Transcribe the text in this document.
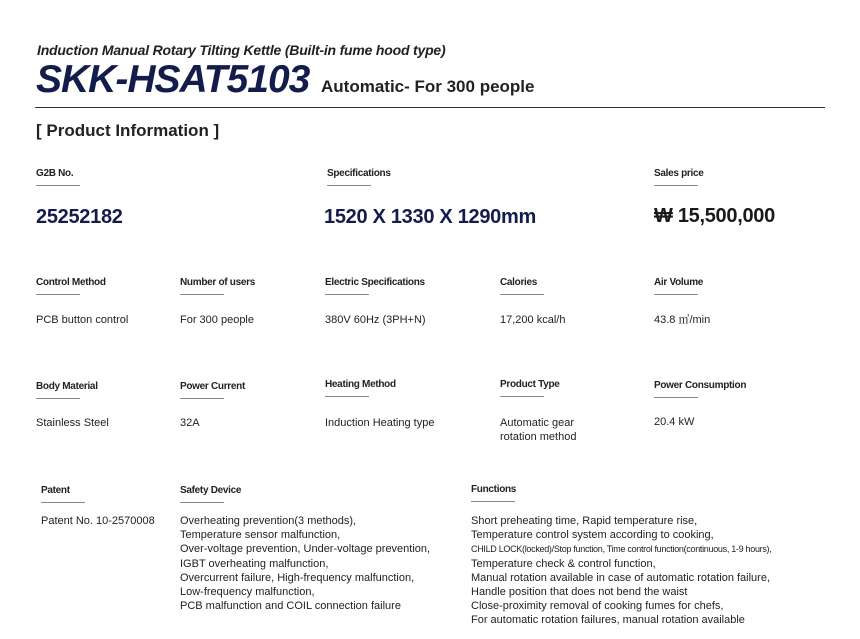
Induction Manual Rotary Tilting Kettle (Built-in fume hood type)
SKK-HSAT5103 Automatic- For 300 people
[ Product Information ]
G2B No.
25252182
Specifications
1520 X 1330 X 1290mm
Sales price
₩ 15,500,000
Control Method
PCB button control
Number of users
For 300 people
Electric Specifications
380V 60Hz (3PH+N)
Calories
17,200 kcal/h
Air Volume
43.8 ㎥/min
Body Material
Stainless Steel
Power Current
32A
Heating Method
Induction Heating type
Product Type
Automatic gear
rotation method
Power Consumption
20.4 kW
Patent
Patent No. 10-2570008
Safety Device
Overheating prevention(3 methods),
Temperature sensor malfunction,
Over-voltage prevention, Under-voltage prevention,
IGBT overheating malfunction,
Overcurrent failure, High-frequency malfunction,
Low-frequency malfunction,
PCB malfunction and COIL connection failure
Functions
Short preheating time, Rapid temperature rise,
Temperature control system according to cooking,
CHILD LOCK(locked)/Stop function, Time control function(continuous, 1-9 hours),
Temperature check & control function,
Manual rotation available in case of automatic rotation failure,
Handle position that does not bend the waist
Close-proximity removal of cooking fumes for chefs,
For automatic rotation failures, manual rotation available
